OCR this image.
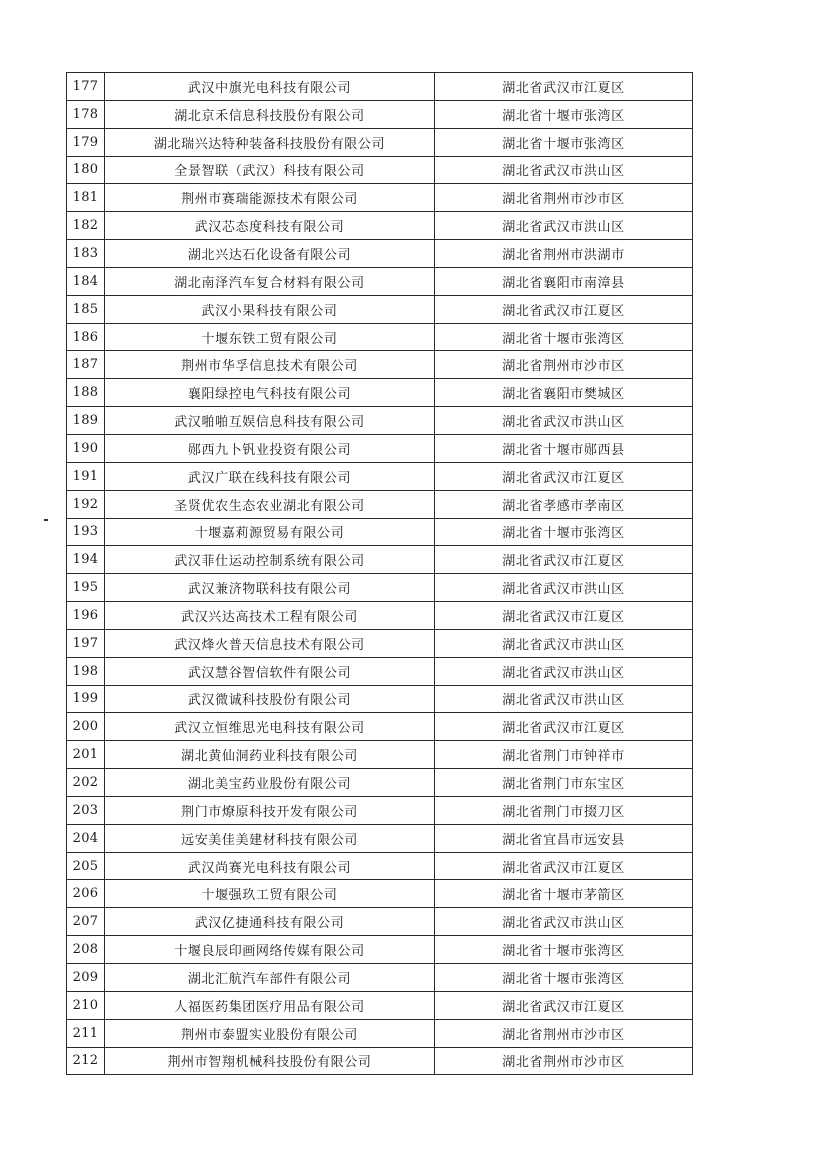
177	武汉中旗光电科技有限公司	湖北省武汉市江夏区
178	湖北京禾信息科技股份有限公司	湖北省十堰市张湾区
179	湖北瑞兴达特种装备科技股份有限公司	湖北省十堰市张湾区
180	全景智联（武汉）科技有限公司	湖北省武汉市洪山区
181	荆州市赛瑞能源技术有限公司	湖北省荆州市沙市区
182	武汉芯态度科技有限公司	湖北省武汉市洪山区
183	湖北兴达石化设备有限公司	湖北省荆州市洪湖市
184	湖北南泽汽车复合材料有限公司	湖北省襄阳市南漳县
185	武汉小果科技有限公司	湖北省武汉市江夏区
186	十堰东铁工贸有限公司	湖北省十堰市张湾区
187	荆州市华孚信息技术有限公司	湖北省荆州市沙市区
188	襄阳绿控电气科技有限公司	湖北省襄阳市樊城区
189	武汉啪啪互娱信息科技有限公司	湖北省武汉市洪山区
190	郧西九卜钒业投资有限公司	湖北省十堰市郧西县
191	武汉广联在线科技有限公司	湖北省武汉市江夏区
192	圣贤优农生态农业湖北有限公司	湖北省孝感市孝南区
193	十堰嘉莉源贸易有限公司	湖北省十堰市张湾区
194	武汉菲仕运动控制系统有限公司	湖北省武汉市江夏区
195	武汉兼济物联科技有限公司	湖北省武汉市洪山区
196	武汉兴达高技术工程有限公司	湖北省武汉市江夏区
197	武汉烽火普天信息技术有限公司	湖北省武汉市洪山区
198	武汉慧谷智信软件有限公司	湖北省武汉市洪山区
199	武汉微诚科技股份有限公司	湖北省武汉市洪山区
200	武汉立恒维思光电科技有限公司	湖北省武汉市江夏区
201	湖北黄仙洞药业科技有限公司	湖北省荆门市钟祥市
202	湖北美宝药业股份有限公司	湖北省荆门市东宝区
203	荆门市燎原科技开发有限公司	湖北省荆门市掇刀区
204	远安美佳美建材科技有限公司	湖北省宜昌市远安县
205	武汉尚赛光电科技有限公司	湖北省武汉市江夏区
206	十堰强玖工贸有限公司	湖北省十堰市茅箭区
207	武汉亿捷通科技有限公司	湖北省武汉市洪山区
208	十堰良辰印画网络传媒有限公司	湖北省十堰市张湾区
209	湖北汇航汽车部件有限公司	湖北省十堰市张湾区
210	人福医药集团医疗用品有限公司	湖北省武汉市江夏区
211	荆州市泰盟实业股份有限公司	湖北省荆州市沙市区
212	荆州市智翔机械科技股份有限公司	湖北省荆州市沙市区
